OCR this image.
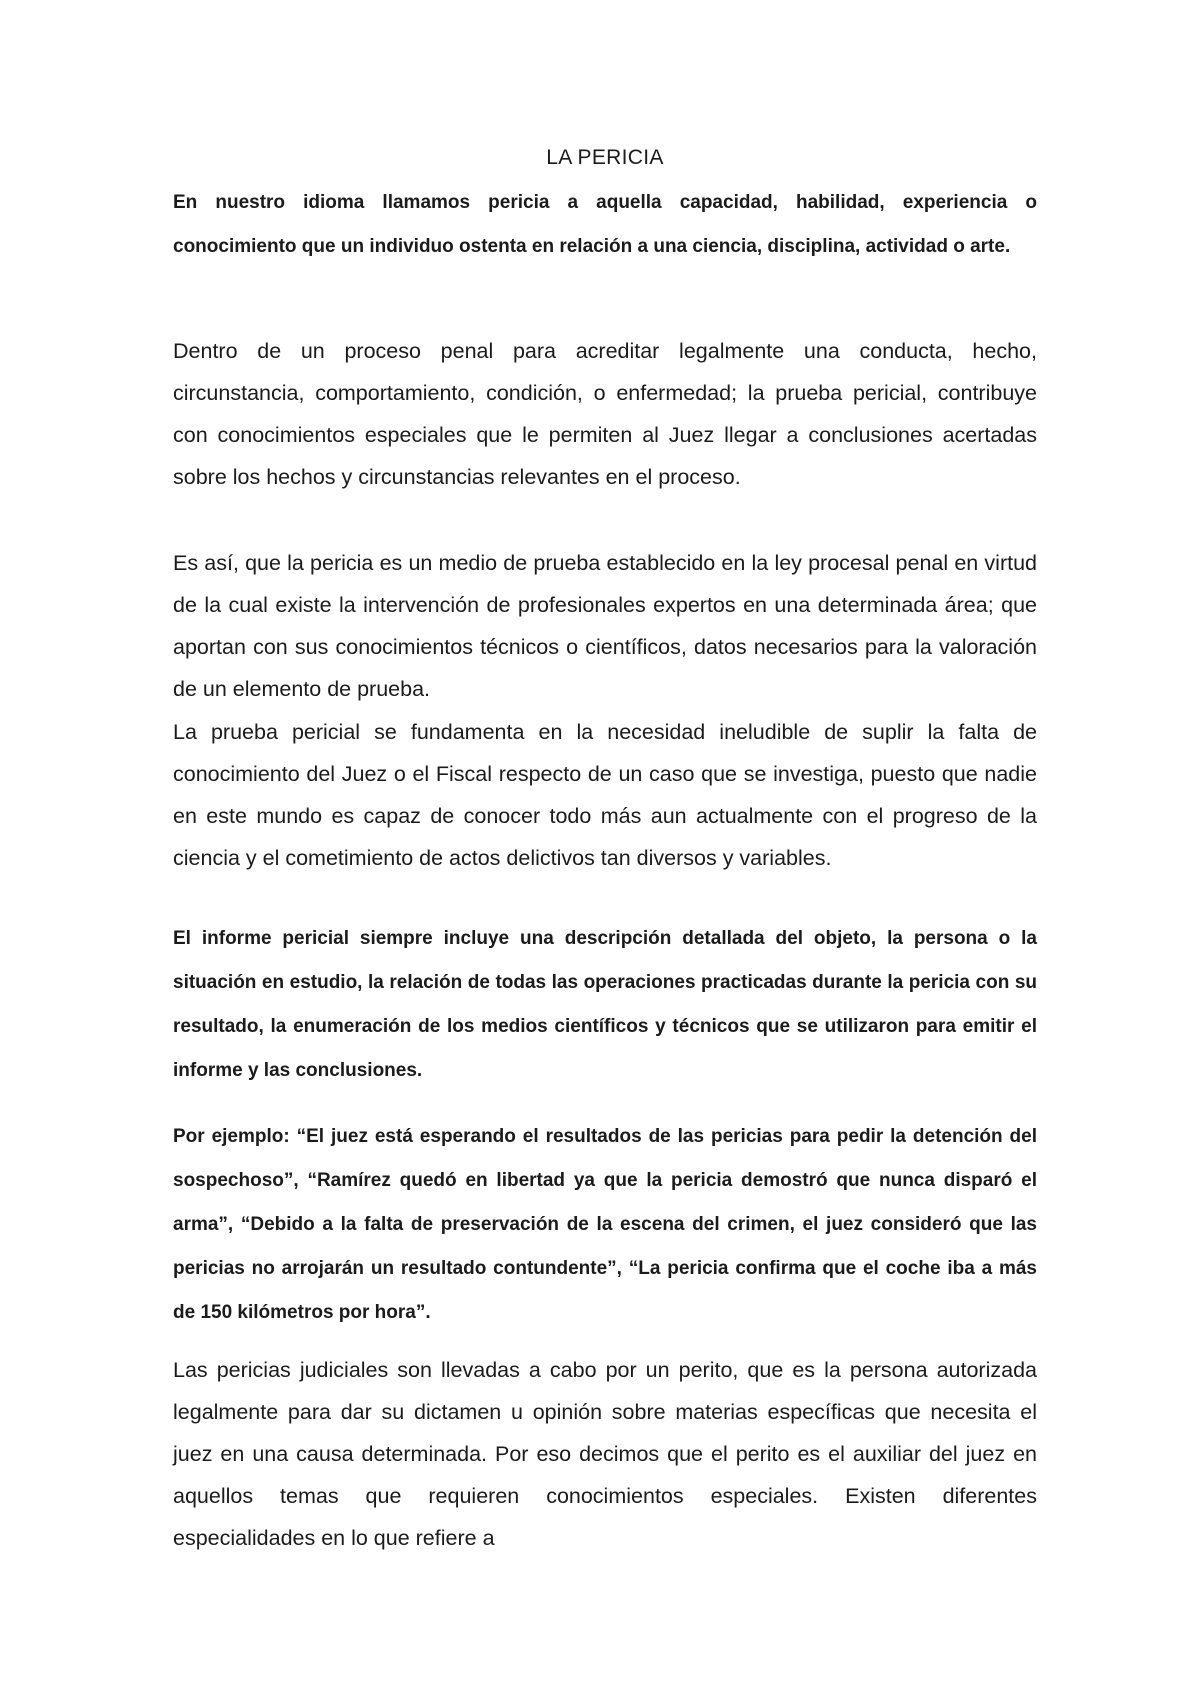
LA PERICIA

En nuestro idioma llamamos pericia a aquella capacidad, habilidad, experiencia o conocimiento que un individuo ostenta en relación a una ciencia, disciplina, actividad o arte.

Dentro de un proceso penal para acreditar legalmente una conducta, hecho, circunstancia, comportamiento, condición, o enfermedad; la prueba pericial, contribuye con conocimientos especiales que le permiten al Juez llegar a conclusiones acertadas sobre los hechos y circunstancias relevantes en el proceso.

Es así, que la pericia es un medio de prueba establecido en la ley procesal penal en virtud de la cual existe la intervención de profesionales expertos en una determinada área; que aportan con sus conocimientos técnicos o científicos, datos necesarios para la valoración de un elemento de prueba.

La prueba pericial se fundamenta en la necesidad ineludible de suplir la falta de conocimiento del Juez o el Fiscal respecto de un caso que se investiga, puesto que nadie en este mundo es capaz de conocer todo más aun actualmente con el progreso de la ciencia y el cometimiento de actos delictivos tan diversos y variables.

El informe pericial siempre incluye una descripción detallada del objeto, la persona o la situación en estudio, la relación de todas las operaciones practicadas durante la pericia con su resultado, la enumeración de los medios científicos y técnicos que se utilizaron para emitir el informe y las conclusiones.

Por ejemplo: “El juez está esperando el resultados de las pericias para pedir la detención del sospechoso”, “Ramírez quedó en libertad ya que la pericia demostró que nunca disparó el arma”, “Debido a la falta de preservación de la escena del crimen, el juez consideró que las pericias no arrojarán un resultado contundente”, “La pericia confirma que el coche iba a más de 150 kilómetros por hora”.

Las pericias judiciales son llevadas a cabo por un perito, que es la persona autorizada legalmente para dar su dictamen u opinión sobre materias específicas que necesita el juez en una causa determinada. Por eso decimos que el perito es el auxiliar del juez en aquellos temas que requieren conocimientos especiales. Existen diferentes especialidades en lo que refiere a
